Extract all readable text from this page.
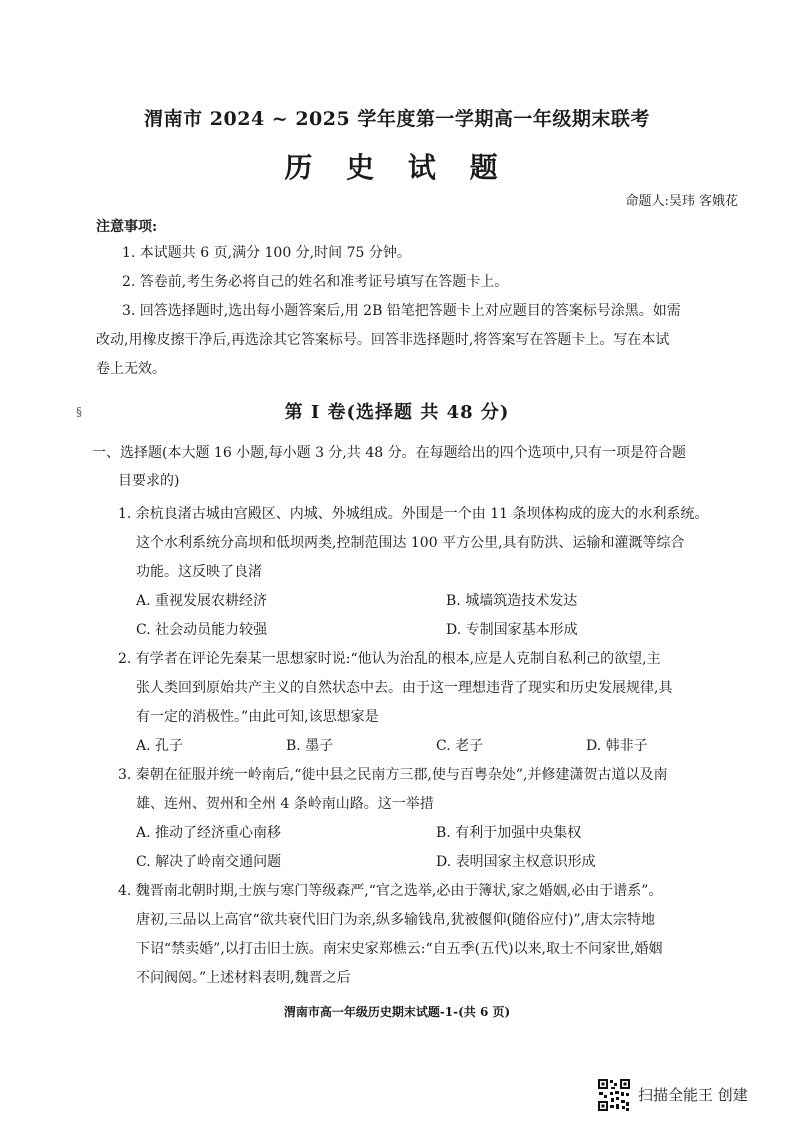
渭南市 2024 ~ 2025 学年度第一学期高一年级期末联考
历 史 试 题

命题人:吴玮 客娥花

注意事项:

1. 本试题共 6 页,满分 100 分,时间 75 分钟。

2. 答卷前,考生务必将自己的姓名和准考证号填写在答题卡上。

3. 回答选择题时,选出每小题答案后,用 2B 铅笔把答题卡上对应题目的答案标号涂黑。如需

改动,用橡皮擦干净后,再选涂其它答案标号。回答非选择题时,将答案写在答题卡上。写在本试

卷上无效。

§	第 Ⅰ 卷(选择题 共 48 分)

一、选择题(本大题 16 小题,每小题 3 分,共 48 分。在每题给出的四个选项中,只有一项是符合题

目要求的)

1. 余杭良渚古城由宫殿区、内城、外城组成。外围是一个由 11 条坝体构成的庞大的水利系统。

这个水利系统分高坝和低坝两类,控制范围达 100 平方公里,具有防洪、运输和灌溉等综合

功能。这反映了良渚

A. 重视发展农耕经济	B. 城墙筑造技术发达

C. 社会动员能力较强	D. 专制国家基本形成

2. 有学者在评论先秦某一思想家时说:“他认为治乱的根本,应是人克制自私利己的欲望,主

张人类回到原始共产主义的自然状态中去。由于这一理想违背了现实和历史发展规律,具

有一定的消极性。”由此可知,该思想家是

A. 孔子	B. 墨子	C. 老子	D. 韩非子

3. 秦朝在征服并统一岭南后,“徙中县之民南方三郡,使与百粤杂处”,并修建潇贺古道以及南

雄、连州、贺州和全州 4 条岭南山路。这一举措

A. 推动了经济重心南移	B. 有利于加强中央集权

C. 解决了岭南交通问题	D. 表明国家主权意识形成

4. 魏晋南北朝时期,士族与寒门等级森严,“官之选举,必由于簿状,家之婚姻,必由于谱系”。

唐初,三品以上高官“欲共衰代旧门为亲,纵多输钱帛,犹被偃仰(随俗应付)”,唐太宗特地

下诏“禁卖婚”,以打击旧士族。南宋史家郑樵云:“自五季(五代)以来,取士不问家世,婚姻

不问阀阅。”上述材料表明,魏晋之后

渭南市高一年级历史期末试题-1-(共 6 页)

扫描全能王 创建
